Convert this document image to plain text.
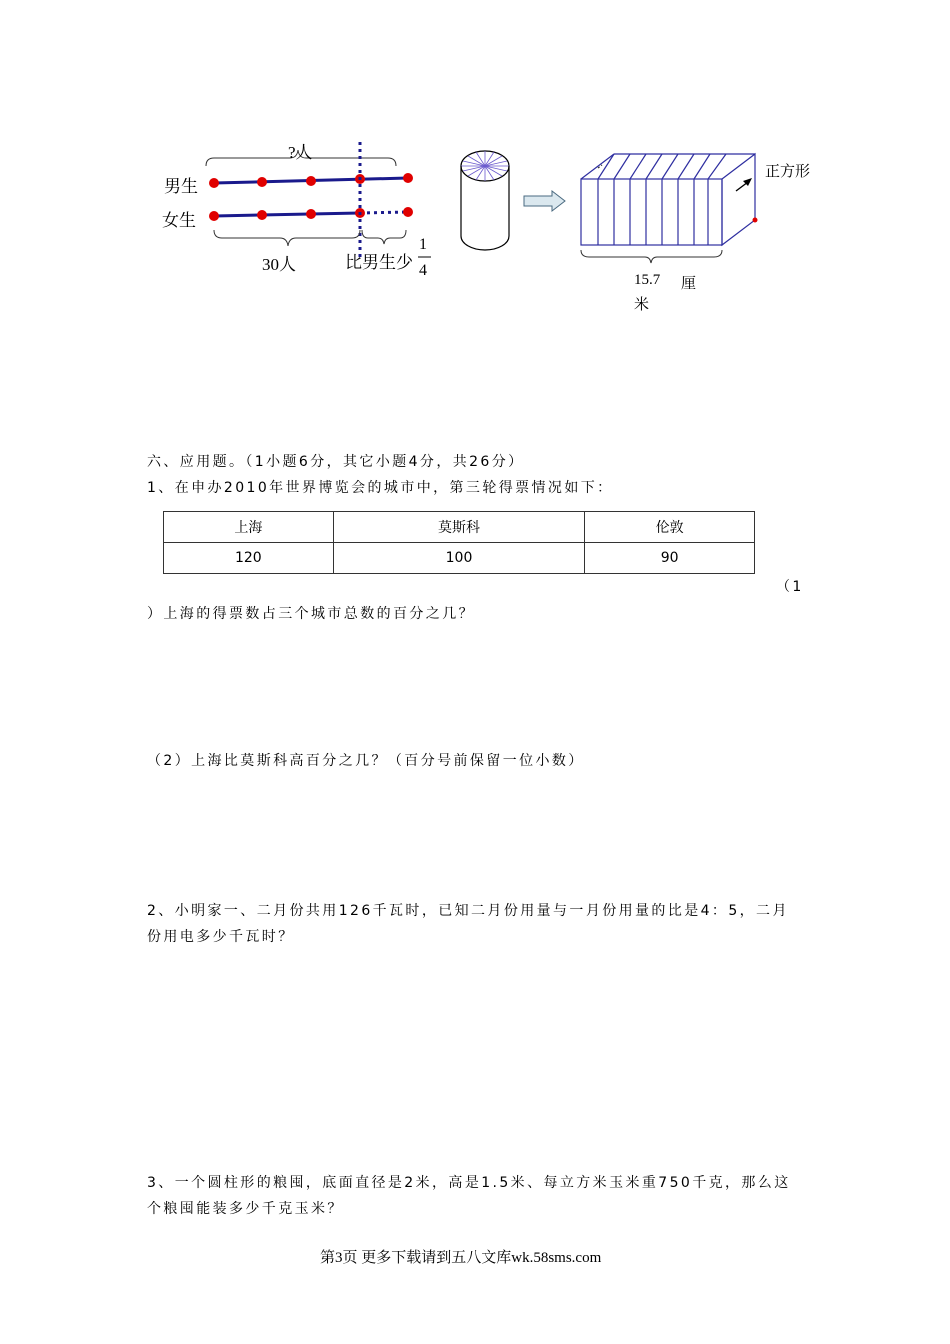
?人
男生
女生
30人	比男生少
1
4
正方形
15.7 厘
米
六、应用题。（1小题6分，其它小题4分，共26分）
1、在申办2010年世界博览会的城市中，第三轮得票情况如下：
上海	莫斯科	伦敦
120	100	90
（1
）上海的得票数占三个城市总数的百分之几？
（2）上海比莫斯科高百分之几？（百分号前保留一位小数）
2、小明家一、二月份共用126千瓦时，已知二月份用量与一月份用量的比是4：5，二月
份用电多少千瓦时？
3、一个圆柱形的粮囤，底面直径是2米，高是1.5米、每立方米玉米重750千克，那么这
个粮囤能装多少千克玉米？
第3页 更多下载请到五八文库wk.58sms.com
